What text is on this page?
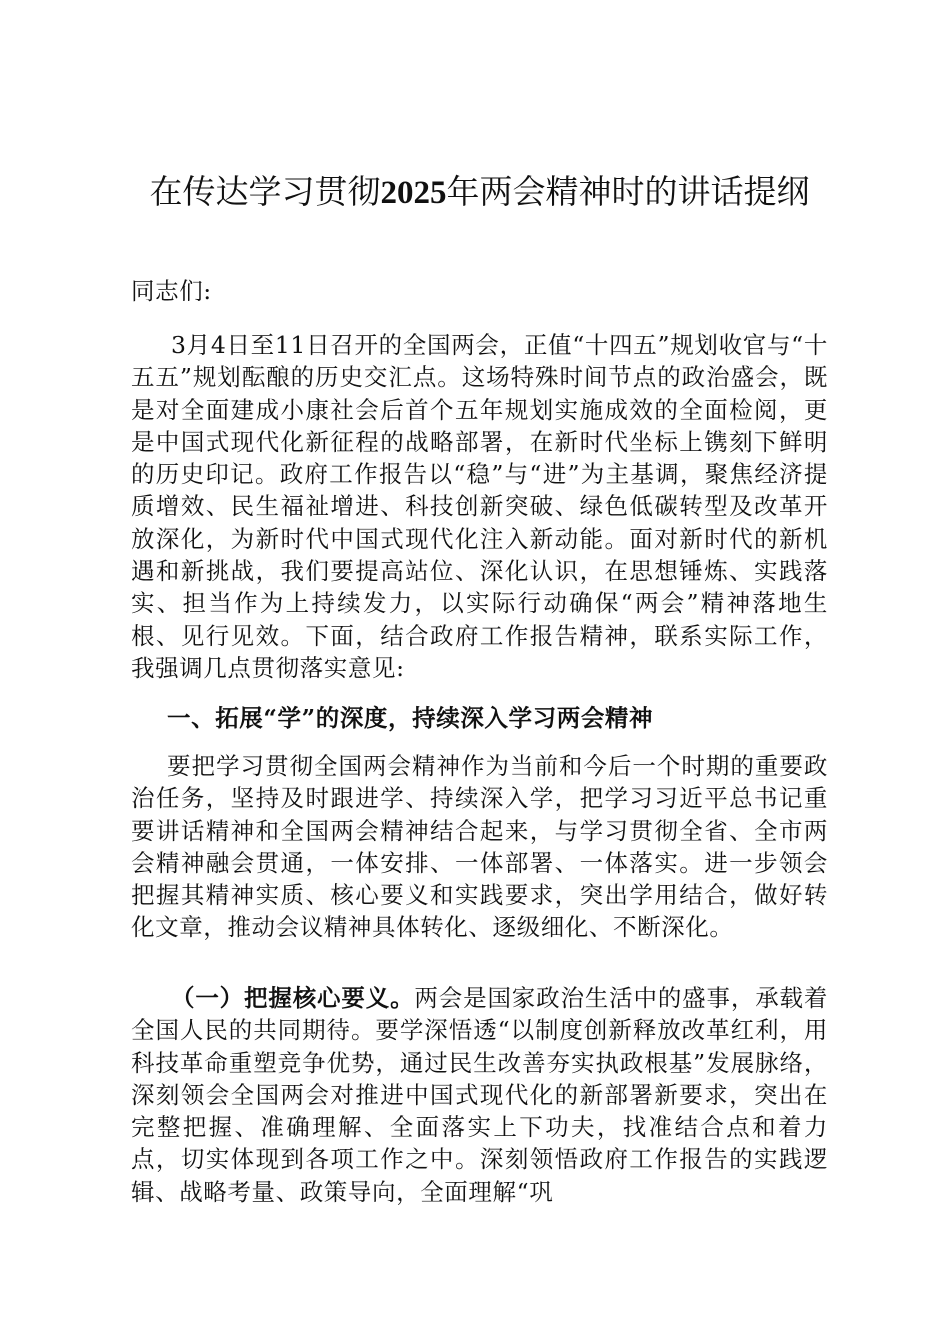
在传达学习贯彻2025年两会精神时的讲话提纲

同志们:

3月4日至11日召开的全国两会，正值“十四五”规划收官与“十五五”规划酝酿的历史交汇点。这场特殊时间节点的政治盛会，既是对全面建成小康社会后首个五年规划实施成效的全面检阅，更是中国式现代化新征程的战略部署，在新时代坐标上镌刻下鲜明的历史印记。政府工作报告以“稳”与“进”为主基调，聚焦经济提质增效、民生福祉增进、科技创新突破、绿色低碳转型及改革开放深化，为新时代中国式现代化注入新动能。面对新时代的新机遇和新挑战，我们要提高站位、深化认识，在思想锤炼、实践落实、担当作为上持续发力，以实际行动确保“两会”精神落地生根、见行见效。下面，结合政府工作报告精神，联系实际工作，我强调几点贯彻落实意见:

一、拓展“学”的深度，持续深入学习两会精神

要把学习贯彻全国两会精神作为当前和今后一个时期的重要政治任务，坚持及时跟进学、持续深入学，把学习习近平总书记重要讲话精神和全国两会精神结合起来，与学习贯彻全省、全市两会精神融会贯通，一体安排、一体部署、一体落实。进一步领会把握其精神实质、核心要义和实践要求，突出学用结合，做好转化文章，推动会议精神具体转化、逐级细化、不断深化。

（一）把握核心要义。两会是国家政治生活中的盛事，承载着全国人民的共同期待。要学深悟透“以制度创新释放改革红利，用科技革命重塑竞争优势，通过民生改善夯实执政根基”发展脉络，深刻领会全国两会对推进中国式现代化的新部署新要求，突出在完整把握、准确理解、全面落实上下功夫，找准结合点和着力点，切实体现到各项工作之中。深刻领悟政府工作报告的实践逻辑、战略考量、政策导向，全面理解“巩
